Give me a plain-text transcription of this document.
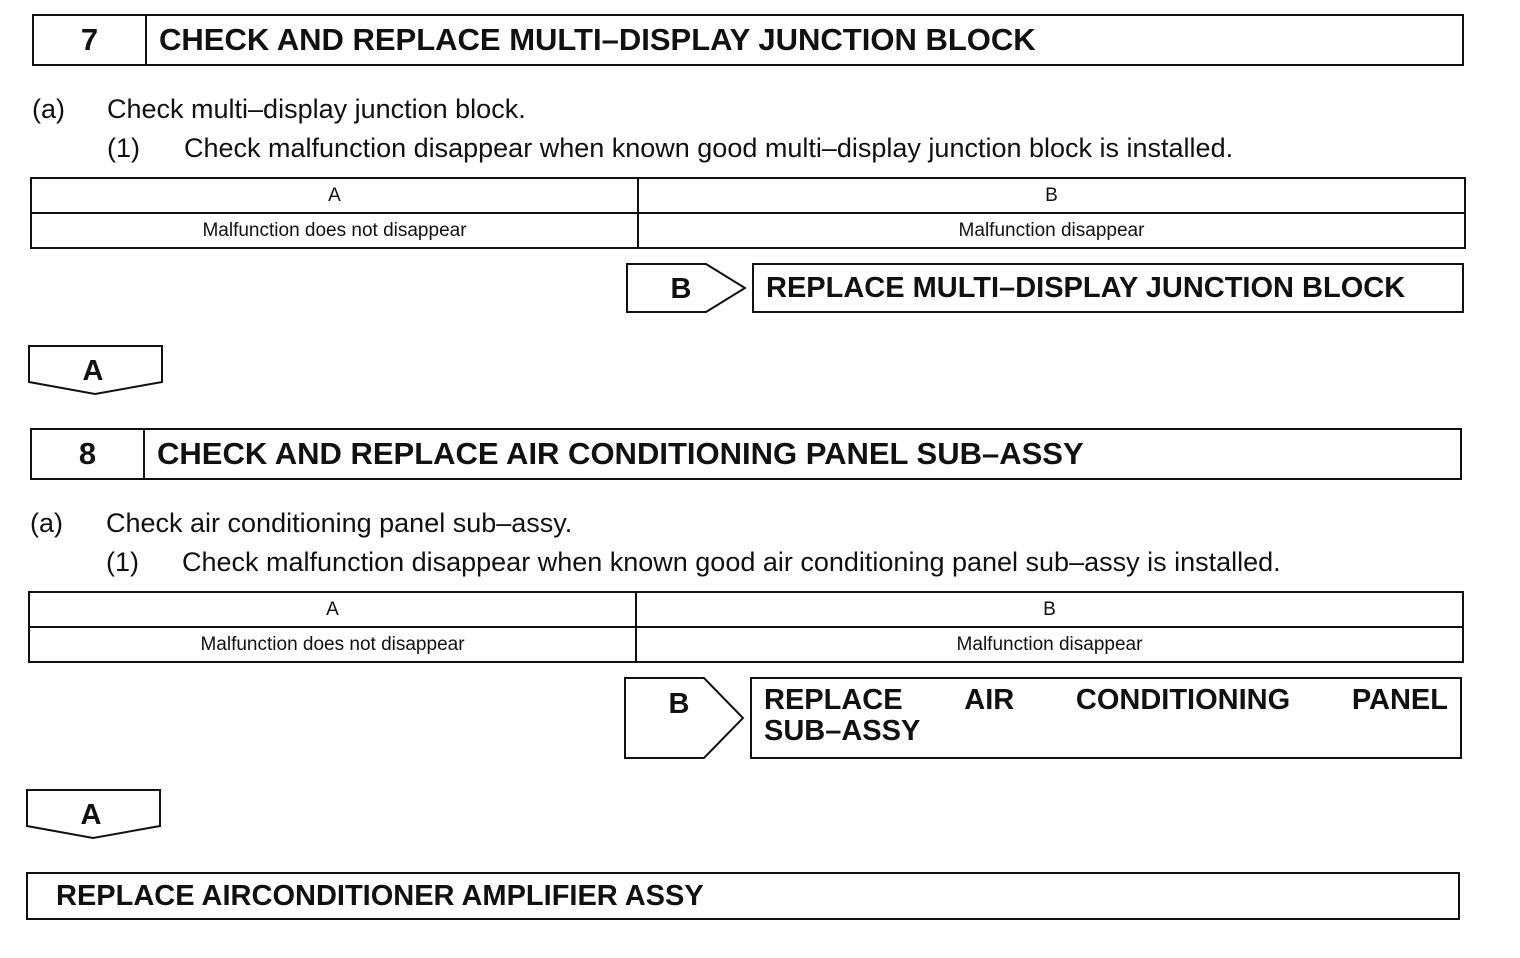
7	CHECK AND REPLACE MULTI–DISPLAY JUNCTION BLOCK
(a) Check multi–display junction block.
(1) Check malfunction disappear when known good multi–display junction block is installed.
A	B
Malfunction does not disappear	Malfunction disappear
B	REPLACE MULTI–DISPLAY JUNCTION BLOCK
A
8	CHECK AND REPLACE AIR CONDITIONING PANEL SUB–ASSY
(a) Check air conditioning panel sub–assy.
(1) Check malfunction disappear when known good air conditioning panel sub–assy is installed.
A	B
Malfunction does not disappear	Malfunction disappear
B	REPLACE AIR CONDITIONING PANEL
SUB–ASSY
A
REPLACE AIRCONDITIONER AMPLIFIER ASSY
